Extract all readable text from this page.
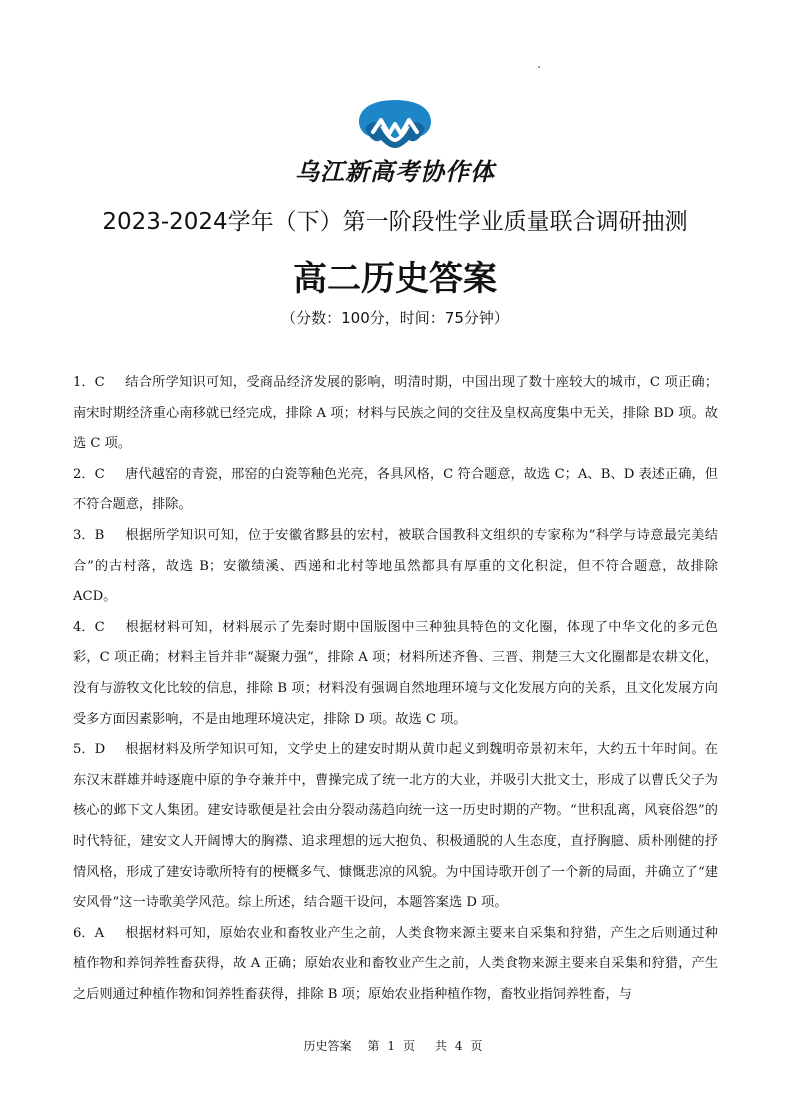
乌江新高考协作体
2023-2024学年（下）第一阶段性学业质量联合调研抽测
高二历史答案
（分数：100分，时间：75分钟）

1．C 结合所学知识可知，受商品经济发展的影响，明清时期，中国出现了数十座较大的城市，C 项正确；南宋时期经济重心南移就已经完成，排除 A 项；材料与民族之间的交往及皇权高度集中无关，排除 BD 项。故选 C 项。

2．C 唐代越窑的青瓷，邢窑的白瓷等釉色光亮，各具风格，C 符合题意，故选 C；A、B、D 表述正确，但不符合题意，排除。

3．B 根据所学知识可知，位于安徽省黟县的宏村，被联合国教科文组织的专家称为“科学与诗意最完美结合”的古村落，故选 B；安徽绩溪、西递和北村等地虽然都具有厚重的文化积淀，但不符合题意，故排除 ACD。

4．C 根据材料可知，材料展示了先秦时期中国版图中三种独具特色的文化圈，体现了中华文化的多元色彩，C 项正确；材料主旨并非“凝聚力强”，排除 A 项；材料所述齐鲁、三晋、荆楚三大文化圈都是农耕文化，没有与游牧文化比较的信息，排除 B 项；材料没有强调自然地理环境与文化发展方向的关系，且文化发展方向受多方面因素影响，不是由地理环境决定，排除 D 项。故选 C 项。

5．D 根据材料及所学知识可知，文学史上的建安时期从黄巾起义到魏明帝景初末年，大约五十年时间。在东汉末群雄并峙逐鹿中原的争夺兼并中，曹操完成了统一北方的大业，并吸引大批文士，形成了以曹氏父子为核心的邺下文人集团。建安诗歌便是社会由分裂动荡趋向统一这一历史时期的产物。“世积乱离，风衰俗怨”的时代特征，建安文人开阔博大的胸襟、追求理想的远大抱负、积极通脱的人生态度，直抒胸臆、质朴刚健的抒情风格，形成了建安诗歌所特有的梗概多气、慷慨悲凉的风貌。为中国诗歌开创了一个新的局面，并确立了“建安风骨”这一诗歌美学风范。综上所述，结合题干设问，本题答案选 D 项。

6．A 根据材料可知，原始农业和畜牧业产生之前，人类食物来源主要来自采集和狩猎，产生之后则通过种植作物和养饲养牲畜获得，故 A 正确；原始农业和畜牧业产生之前，人类食物来源主要来自采集和狩猎，产生之后则通过种植作物和饲养牲畜获得，排除 B 项；原始农业指种植作物，畜牧业指饲养牲畜，与

历史答案 第 1 页 共 4 页
